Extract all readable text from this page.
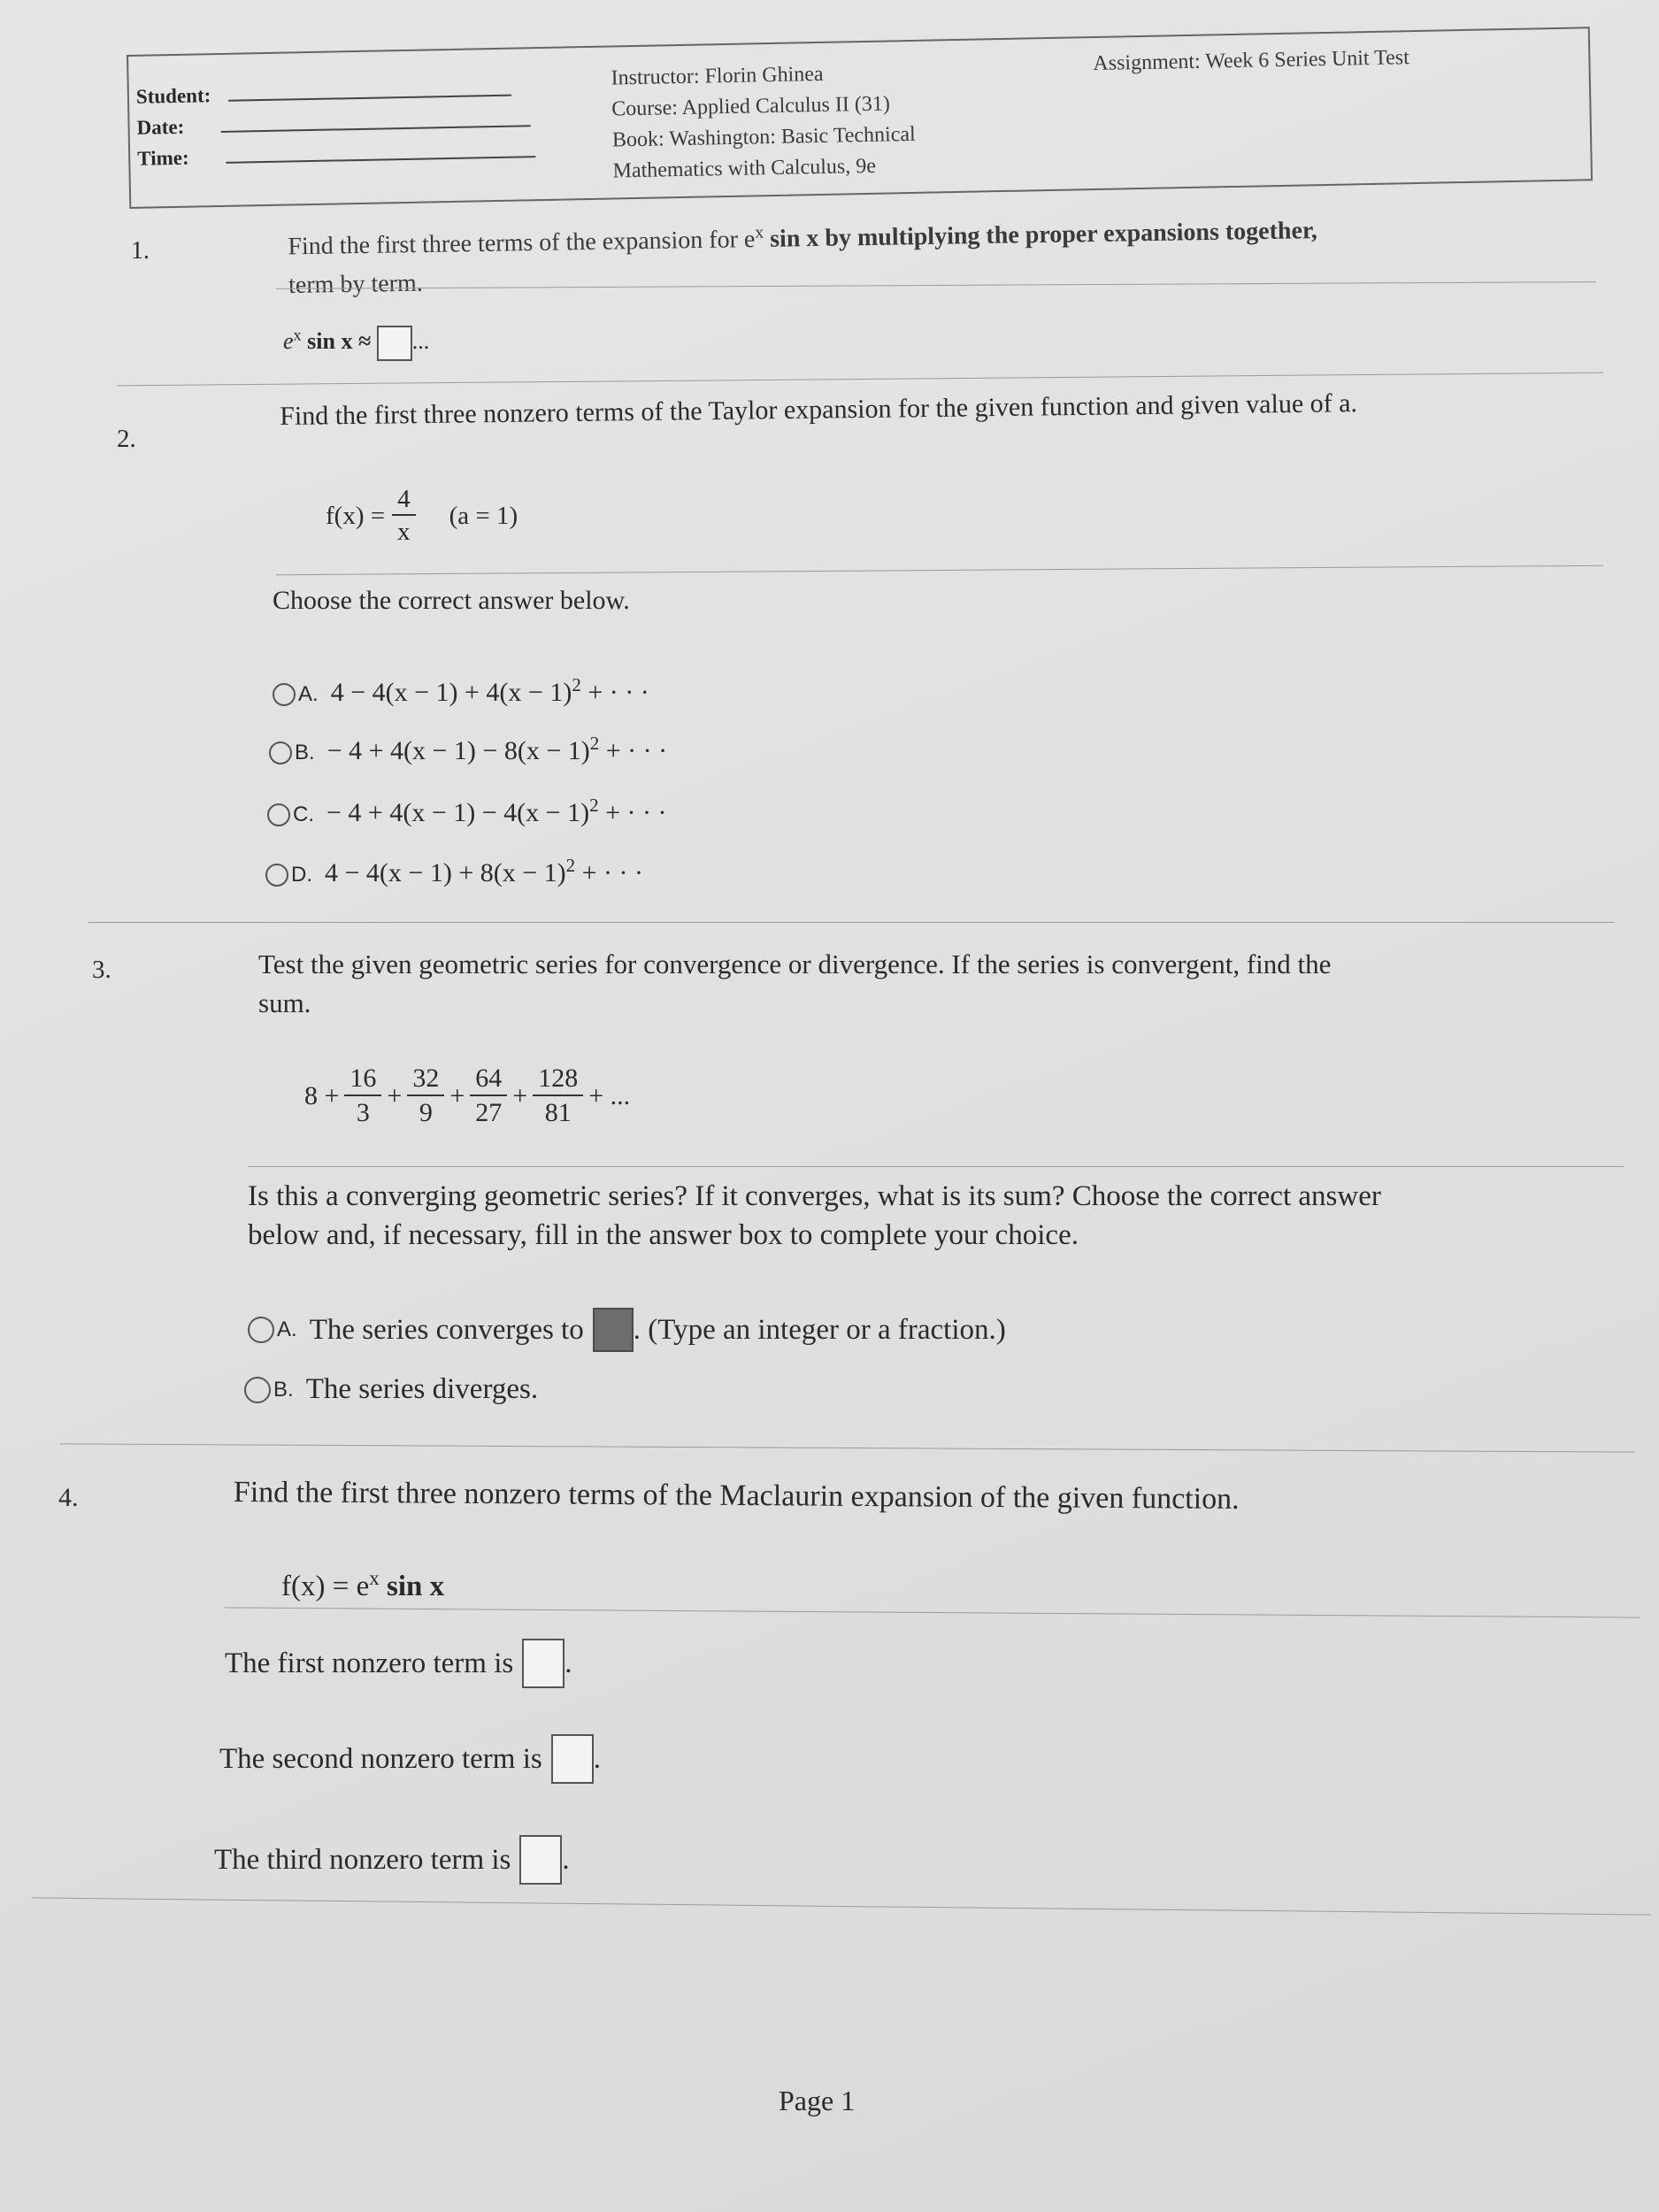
Student:
Date:
Time:
Instructor: Florin Ghinea
Course: Applied Calculus II (31)
Book: Washington: Basic Technical
Mathematics with Calculus, 9e
Assignment: Week 6 Series Unit Test
1.	Find the first three terms of the expansion for $e^x$ sin x by multiplying the proper expansions together,
term by term.
$e^x$ sin x ≈ ...
2.
Find the first three nonzero terms of the Taylor expansion for the given function and given value of a.
$f(x) = \frac{4}{x} (a = 1)$
Choose the correct answer below.
A. $4 - 4(x - 1) + 4(x - 1)^2$ + · · ·
B. − $4 + 4(x - 1) - 8(x - 1)^2$ + · · ·
C. − $4 + 4(x - 1) - 4(x - 1)^2$ + · · ·
D. $4 - 4(x - 1) + 8(x - 1)^2$ + · · ·
3.	Test the given geometric series for convergence or divergence. If the series is convergent, find the
sum.
$8 + \frac{16}{3} + \frac{32}{9} + \frac{64}{27} + \frac{128}{81}$ + ...
Is this a converging geometric series? If it converges, what is its sum? Choose the correct answer
below and, if necessary, fill in the answer box to complete your choice.
A. The series converges to . (Type an integer or a fraction.)
B. The series diverges.
4.	Find the first three nonzero terms of the Maclaurin expansion of the given function.
$f(x) = e^x$ sin x
The first nonzero term is .
The second nonzero term is .
The third nonzero term is .
Page 1
